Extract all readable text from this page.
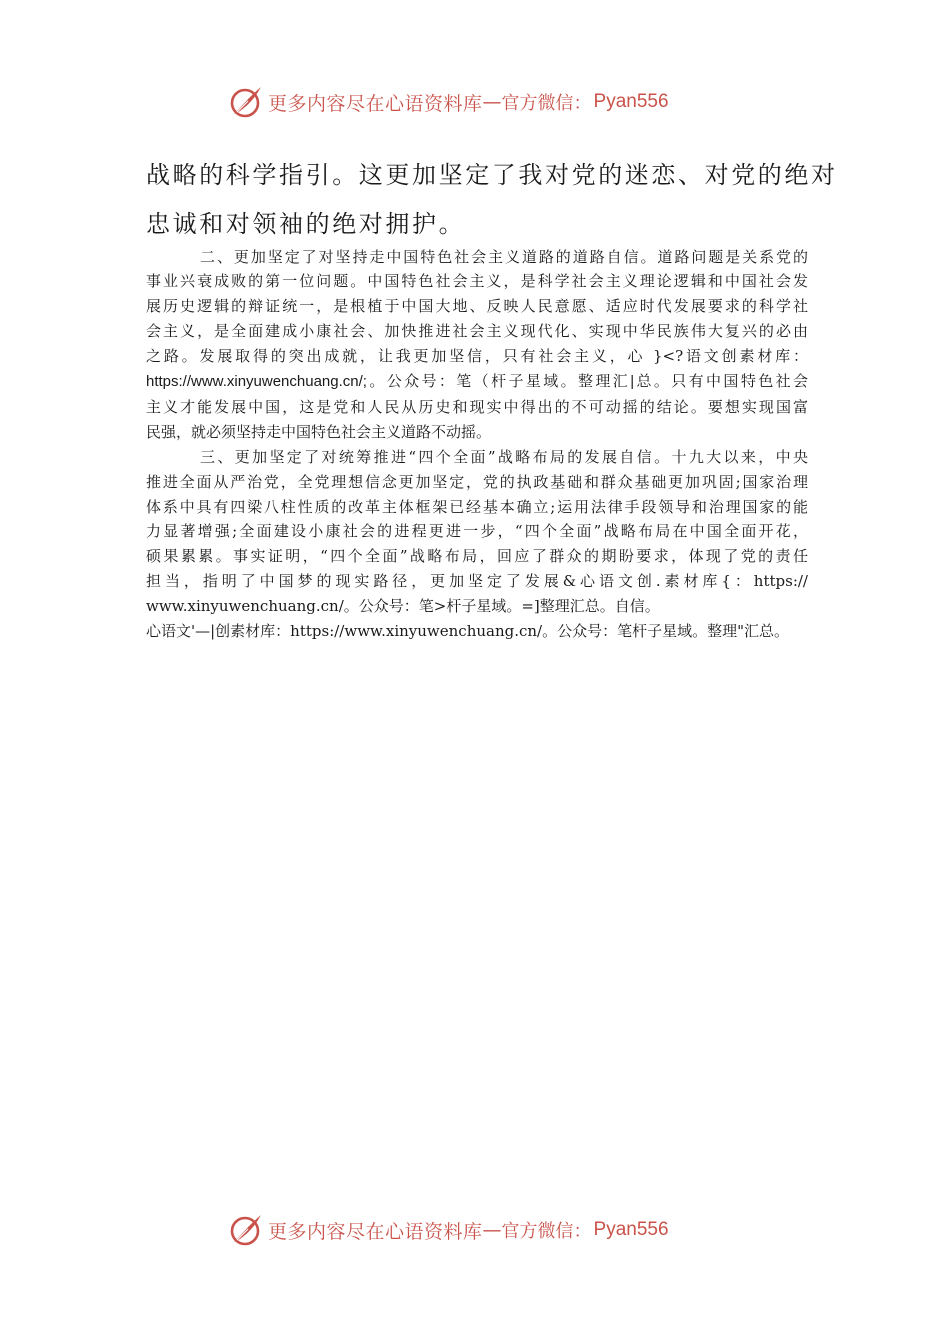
更多内容尽在心语资料库 — 官方微信： Pyan556
战略的科学指引。这更加坚定了我对党的迷恋、对党的绝对
忠诚和对领袖的绝对拥护。
二、更加坚定了对坚持走中国特色社会主义道路的道路自信。道路问题是关系党的
事业兴衰成败的第一位问题。中国特色社会主义，是科学社会主义理论逻辑和中国社会发
展历史逻辑的辩证统一，是根植于中国大地、反映人民意愿、适应时代发展要求的科学社
会主义，是全面建成小康社会、加快推进社会主义现代化、实现中华民族伟大复兴的必由
之路。发展取得的突出成就，让我更加坚信，只有社会主义，心 }<?语文创素材库：
https://www.xinyuwenchuang.cn/;。公众号：笔（杆子星域。整理汇|总。只有中国特色社会
主义才能发展中国，这是党和人民从历史和现实中得出的不可动摇的结论。要想实现国富
民强，就必须坚持走中国特色社会主义道路不动摇。
三、更加坚定了对统筹推进“四个全面”战略布局的发展自信。十九大以来，中央
推进全面从严治党，全党理想信念更加坚定，党的执政基础和群众基础更加巩固;国家治理
体系中具有四梁八柱性质的改革主体框架已经基本确立;运用法律手段领导和治理国家的能
力显著增强;全面建设小康社会的进程更进一步，“四个全面”战略布局在中国全面开花，
硕果累累。事实证明，“四个全面”战略布局，回应了群众的期盼要求，体现了党的责任
担当，指明了中国梦的现实路径，更加坚定了发展&心语文创.素材库{：https://
www.xinyuwenchuang.cn/。公众号：笔>杆子星域。=]整理汇总。自信。
心语文'—|创素材库：https://www.xinyuwenchuang.cn/。公众号：笔杆子星域。整理"汇总。
更多内容尽在心语资料库 — 官方微信： Pyan556
